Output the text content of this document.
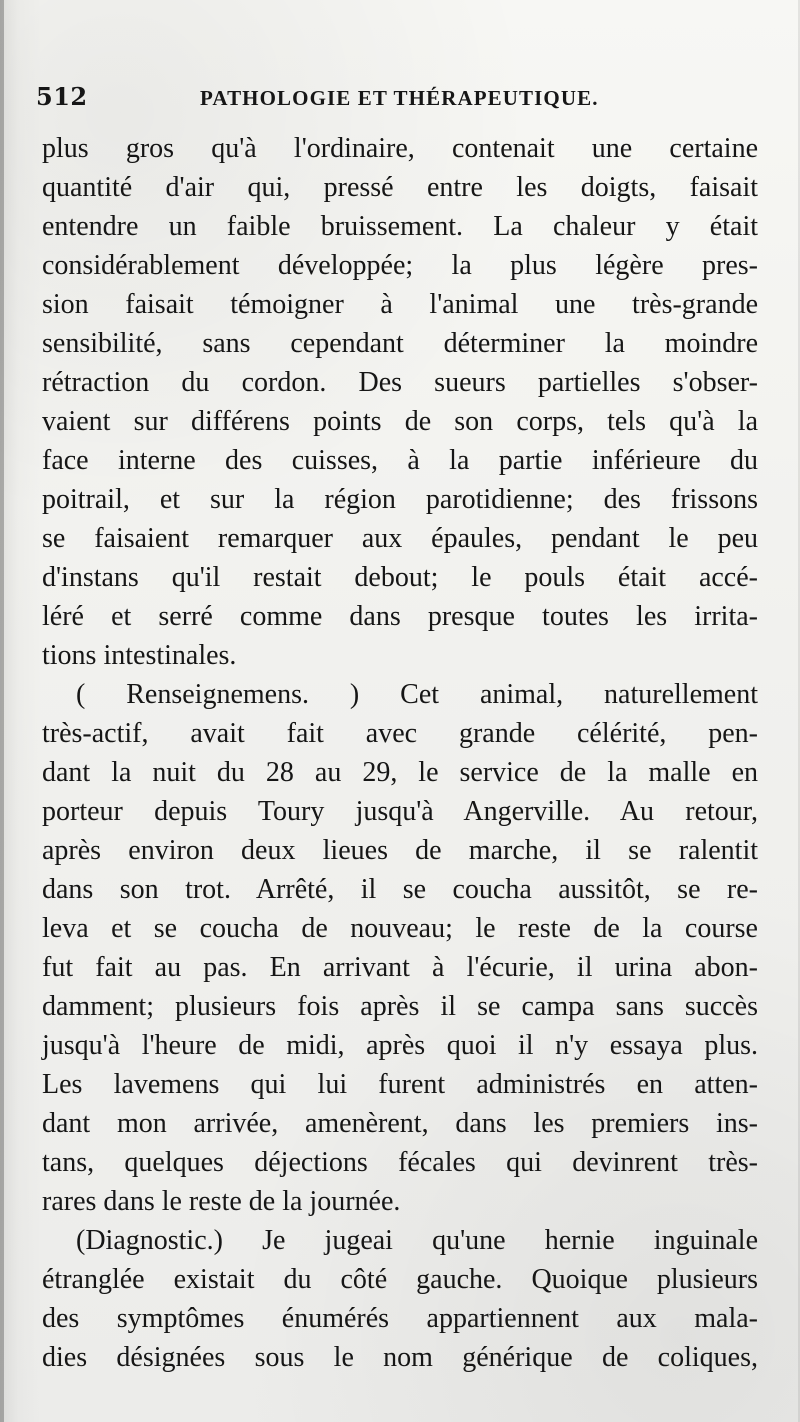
512	PATHOLOGIE ET THÉRAPEUTIQUE.
plus gros qu'à l'ordinaire, contenait une certaine
quantité d'air qui, pressé entre les doigts, faisait
entendre un faible bruissement. La chaleur y était
considérablement développée; la plus légère pres-
sion faisait témoigner à l'animal une très-grande
sensibilité, sans cependant déterminer la moindre
rétraction du cordon. Des sueurs partielles s'obser-
vaient sur différens points de son corps, tels qu'à la
face interne des cuisses, à la partie inférieure du
poitrail, et sur la région parotidienne; des frissons
se faisaient remarquer aux épaules, pendant le peu
d'instans qu'il restait debout; le pouls était accé-
léré et serré comme dans presque toutes les irrita-
tions intestinales.
( Renseignemens. ) Cet animal, naturellement
très-actif, avait fait avec grande célérité, pen-
dant la nuit du 28 au 29, le service de la malle en
porteur depuis Toury jusqu'à Angerville. Au retour,
après environ deux lieues de marche, il se ralentit
dans son trot. Arrêté, il se coucha aussitôt, se re-
leva et se coucha de nouveau; le reste de la course
fut fait au pas. En arrivant à l'écurie, il urina abon-
damment; plusieurs fois après il se campa sans succès
jusqu'à l'heure de midi, après quoi il n'y essaya plus.
Les lavemens qui lui furent administrés en atten-
dant mon arrivée, amenèrent, dans les premiers ins-
tans, quelques déjections fécales qui devinrent très-
rares dans le reste de la journée.
(Diagnostic.) Je jugeai qu'une hernie inguinale
étranglée existait du côté gauche. Quoique plusieurs
des symptômes énumérés appartiennent aux mala-
dies désignées sous le nom générique de coliques,
